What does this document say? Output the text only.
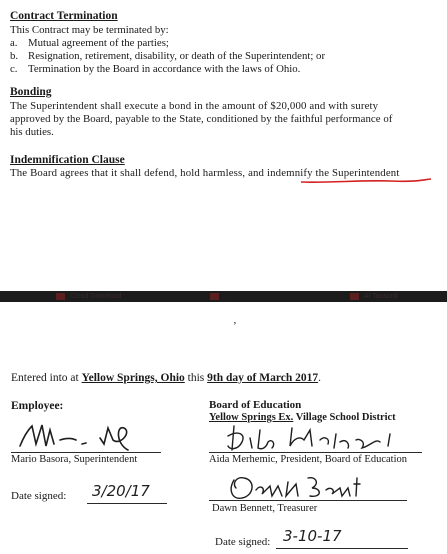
Contract Termination
This Contract may be terminated by:
a. Mutual agreement of the parties;
b. Resignation, retirement, disability, or death of the Superintendent; or
c. Termination by the Board in accordance with the laws of Ohio.
Bonding
The Superintendent shall execute a bond in the amount of $20,000 and with surety
approved by the Board, payable to the State, conditioned by the faithful performance of
his duties.
Indemnification Clause
The Board agrees that it shall defend, hold harmless, and indemnify the Superintendent
Cloud Download	…	Al Tausonli
’
Entered into at Yellow Springs, Ohio this 9th day of March 2017.
Employee:
Mario Basora, Superintendent
Date signed: 3/20/17
Board of Education
Yellow Springs Ex. Village School District
Aida Merhemic, President, Board of Education
Dawn Bennett, Treasurer
Date signed: 3-10-17
